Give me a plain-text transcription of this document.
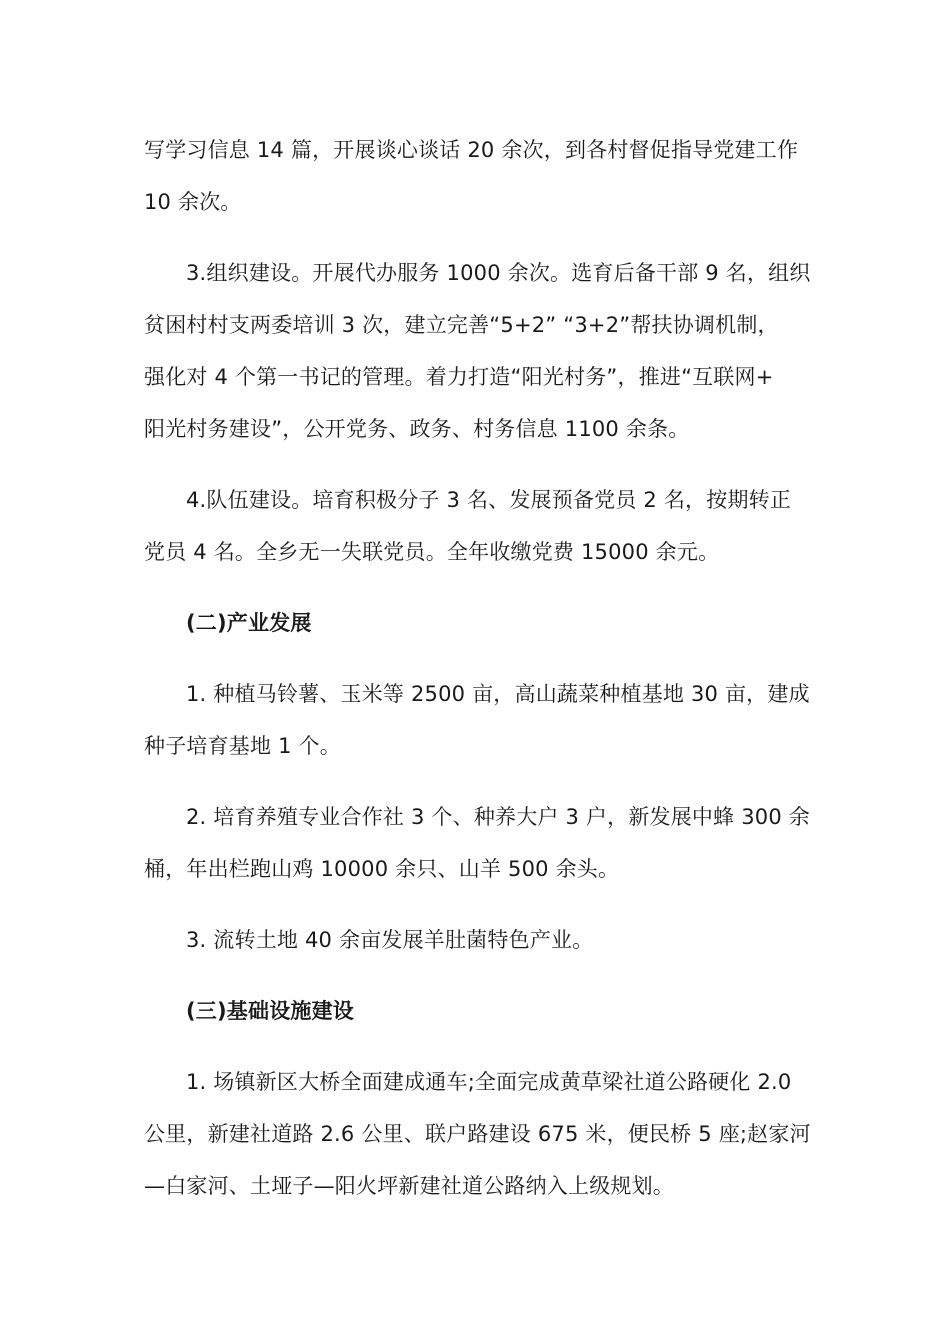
写学习信息 14 篇，开展谈心谈话 20 余次，到各村督促指导党建工作
10 余次。

3.组织建设。开展代办服务 1000 余次。选育后备干部 9 名，组织
贫困村村支两委培训 3 次，建立完善“5+2” “3+2”帮扶协调机制，
强化对 4 个第一书记的管理。着力打造“阳光村务”，推进“互联网+
阳光村务建设”，公开党务、政务、村务信息 1100 余条。

4.队伍建设。培育积极分子 3 名、发展预备党员 2 名，按期转正
党员 4 名。全乡无一失联党员。全年收缴党费 15000 余元。

(二)产业发展

1. 种植马铃薯、玉米等 2500 亩，高山蔬菜种植基地 30 亩，建成
种子培育基地 1 个。

2. 培育养殖专业合作社 3 个、种养大户 3 户，新发展中蜂 300 余
桶，年出栏跑山鸡 10000 余只、山羊 500 余头。

3. 流转土地 40 余亩发展羊肚菌特色产业。

(三)基础设施建设

1. 场镇新区大桥全面建成通车;全面完成黄草梁社道公路硬化 2.0
公里，新建社道路 2.6 公里、联户路建设 675 米，便民桥 5 座;赵家河
—白家河、土垭子—阳火坪新建社道公路纳入上级规划。
